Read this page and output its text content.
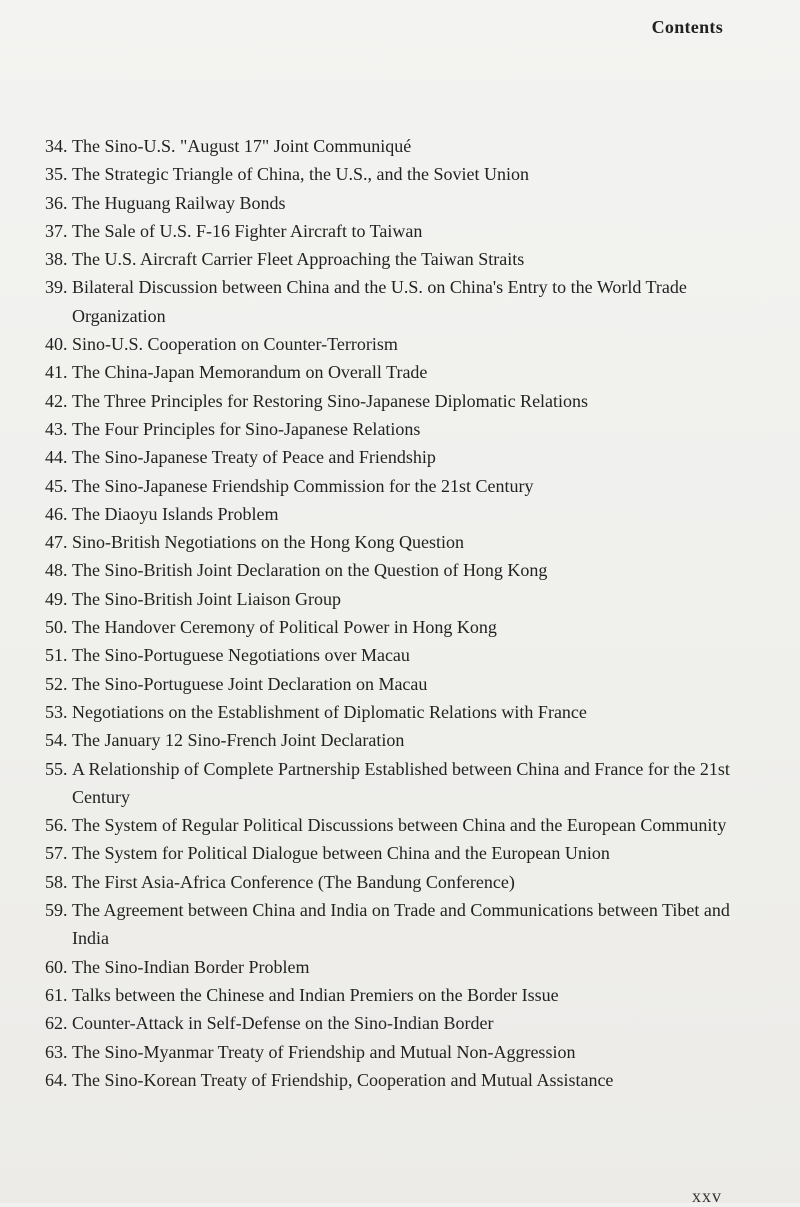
Contents
34. The Sino-U.S. "August 17" Joint Communiqué
35. The Strategic Triangle of China, the U.S., and the Soviet Union
36. The Huguang Railway Bonds
37. The Sale of U.S. F-16 Fighter Aircraft to Taiwan
38. The U.S. Aircraft Carrier Fleet Approaching the Taiwan Straits
39. Bilateral Discussion between China and the U.S. on China's Entry to the World Trade Organization
40. Sino-U.S. Cooperation on Counter-Terrorism
41. The China-Japan Memorandum on Overall Trade
42. The Three Principles for Restoring Sino-Japanese Diplomatic Relations
43. The Four Principles for Sino-Japanese Relations
44. The Sino-Japanese Treaty of Peace and Friendship
45. The Sino-Japanese Friendship Commission for the 21st Century
46. The Diaoyu Islands Problem
47. Sino-British Negotiations on the Hong Kong Question
48. The Sino-British Joint Declaration on the Question of Hong Kong
49. The Sino-British Joint Liaison Group
50. The Handover Ceremony of Political Power in Hong Kong
51. The Sino-Portuguese Negotiations over Macau
52. The Sino-Portuguese Joint Declaration on Macau
53. Negotiations on the Establishment of Diplomatic Relations with France
54. The January 12 Sino-French Joint Declaration
55. A Relationship of Complete Partnership Established between China and France for the 21st Century
56. The System of Regular Political Discussions between China and the European Community
57. The System for Political Dialogue between China and the European Union
58. The First Asia-Africa Conference (The Bandung Conference)
59. The Agreement between China and India on Trade and Communications between Tibet and India
60. The Sino-Indian Border Problem
61. Talks between the Chinese and Indian Premiers on the Border Issue
62. Counter-Attack in Self-Defense on the Sino-Indian Border
63. The Sino-Myanmar Treaty of Friendship and Mutual Non-Aggression
64. The Sino-Korean Treaty of Friendship, Cooperation and Mutual Assistance
xxv
